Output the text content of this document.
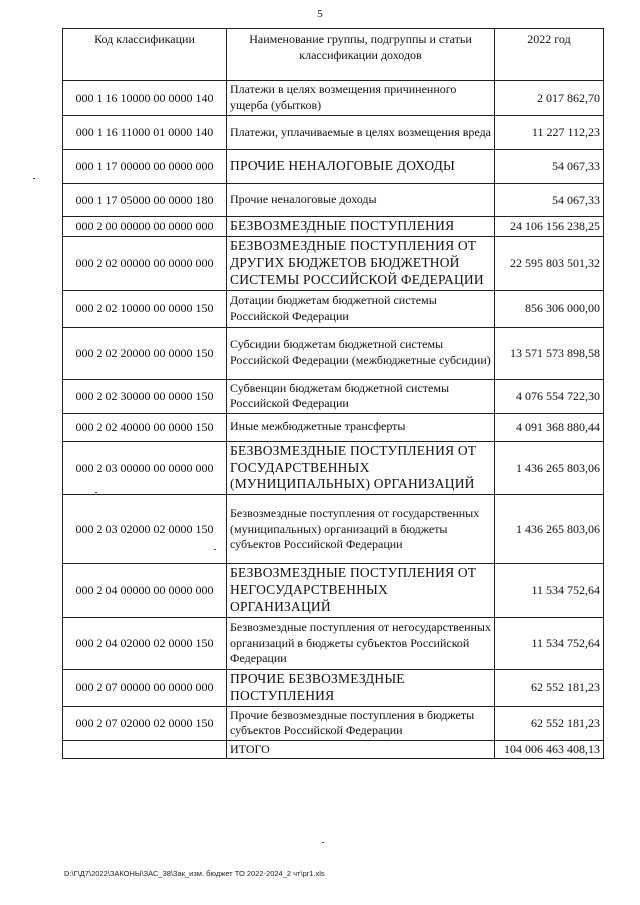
5
Код классификации	Наименование группы, подгруппы и статьи классификации доходов	2022 год
000 1 16 10000 00 0000 140	Платежи в целях возмещения причиненного ущерба (убытков)	2 017 862,70
000 1 16 11000 01 0000 140	Платежи, уплачиваемые в целях возмещения вреда	11 227 112,23
000 1 17 00000 00 0000 000	ПРОЧИЕ НЕНАЛОГОВЫЕ ДОХОДЫ	54 067,33
000 1 17 05000 00 0000 180	Прочие неналоговые доходы	54 067,33
000 2 00 00000 00 0000 000	БЕЗВОЗМЕЗДНЫЕ ПОСТУПЛЕНИЯ	24 106 156 238,25
000 2 02 00000 00 0000 000	БЕЗВОЗМЕЗДНЫЕ ПОСТУПЛЕНИЯ ОТ ДРУГИХ БЮДЖЕТОВ БЮДЖЕТНОЙ СИСТЕМЫ РОССИЙСКОЙ ФЕДЕРАЦИИ	22 595 803 501,32
000 2 02 10000 00 0000 150	Дотации бюджетам бюджетной системы Российской Федерации	856 306 000,00
000 2 02 20000 00 0000 150	Субсидии бюджетам бюджетной системы Российской Федерации (межбюджетные субсидии)	13 571 573 898,58
000 2 02 30000 00 0000 150	Субвенции бюджетам бюджетной системы Российской Федерации	4 076 554 722,30
000 2 02 40000 00 0000 150	Иные межбюджетные трансферты	4 091 368 880,44
000 2 03 00000 00 0000 000	БЕЗВОЗМЕЗДНЫЕ ПОСТУПЛЕНИЯ ОТ ГОСУДАРСТВЕННЫХ (МУНИЦИПАЛЬНЫХ) ОРГАНИЗАЦИЙ	1 436 265 803,06
000 2 03 02000 02 0000 150	Безвозмездные поступления от государственных (муниципальных) организаций в бюджеты субъектов Российской Федерации	1 436 265 803,06
000 2 04 00000 00 0000 000	БЕЗВОЗМЕЗДНЫЕ ПОСТУПЛЕНИЯ ОТ НЕГОСУДАРСТВЕННЫХ ОРГАНИЗАЦИЙ	11 534 752,64
000 2 04 02000 02 0000 150	Безвозмездные поступления от негосударственных организаций в бюджеты субъектов Российской Федерации	11 534 752,64
000 2 07 00000 00 0000 000	ПРОЧИЕ БЕЗВОЗМЕЗДНЫЕ ПОСТУПЛЕНИЯ	62 552 181,23
000 2 07 02000 02 0000 150	Прочие безвозмездные поступления в бюджеты субъектов Российской Федерации	62 552 181,23
	ИТОГО	104 006 463 408,13
D:\Г\Д7\2022\ЗАКОНЫ\ЗАС_38\Зак_изм. бюджет ТО 2022-2024_2 чт\pr1.xls
